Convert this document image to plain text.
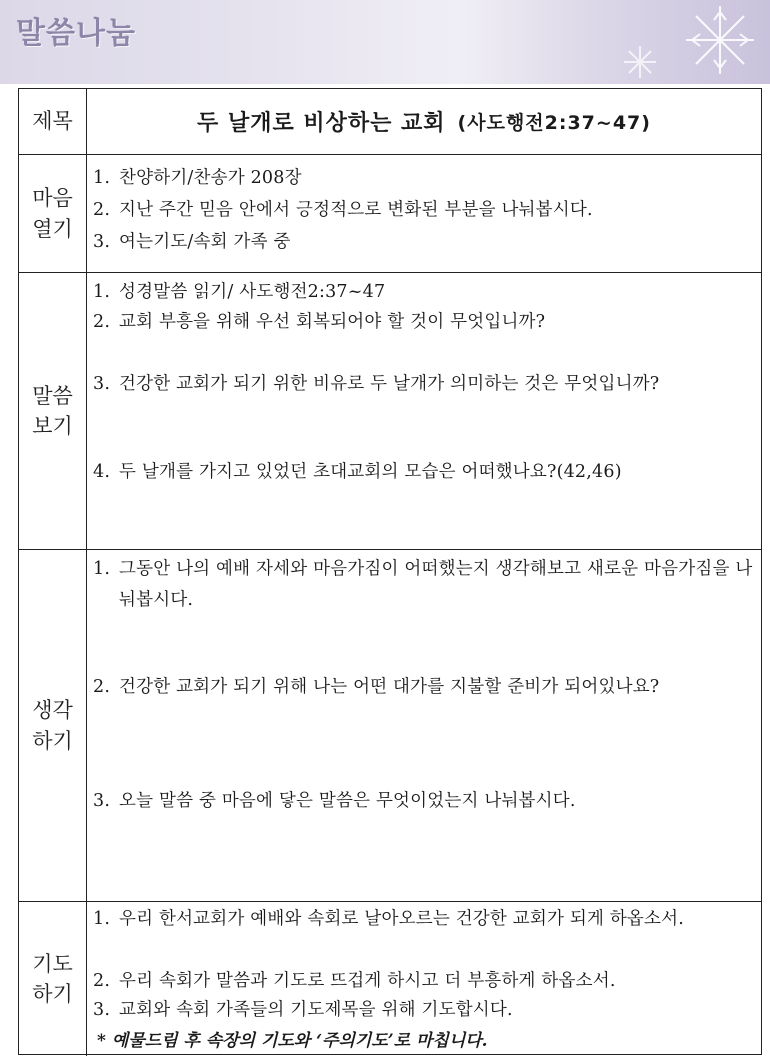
말씀나눔
제목	두 날개로 비상하는 교회 (사도행전2:37~47)
마음
열기
1. 찬양하기/찬송가 208장
2. 지난 주간 믿음 안에서 긍정적으로 변화된 부분을 나눠봅시다.
3. 여는기도/속회 가족 중
말씀
보기
1. 성경말씀 읽기/ 사도행전2:37~47
2. 교회 부흥을 위해 우선 회복되어야 할 것이 무엇입니까?
3. 건강한 교회가 되기 위한 비유로 두 날개가 의미하는 것은 무엇입니까?
4. 두 날개를 가지고 있었던 초대교회의 모습은 어떠했나요?(42,46)
생각
하기
1. 그동안 나의 예배 자세와 마음가짐이 어떠했는지 생각해보고 새로운 마음가짐을 나눠봅시다.
2. 건강한 교회가 되기 위해 나는 어떤 대가를 지불할 준비가 되어있나요?
3. 오늘 말씀 중 마음에 닿은 말씀은 무엇이었는지 나눠봅시다.
기도
하기
1. 우리 한서교회가 예배와 속회로 날아오르는 건강한 교회가 되게 하옵소서.
2. 우리 속회가 말씀과 기도로 뜨겁게 하시고 더 부흥하게 하옵소서.
3. 교회와 속회 가족들의 기도제목을 위해 기도합시다.
* 예물드림 후 속장의 기도와 ‘주의기도’로 마칩니다.
